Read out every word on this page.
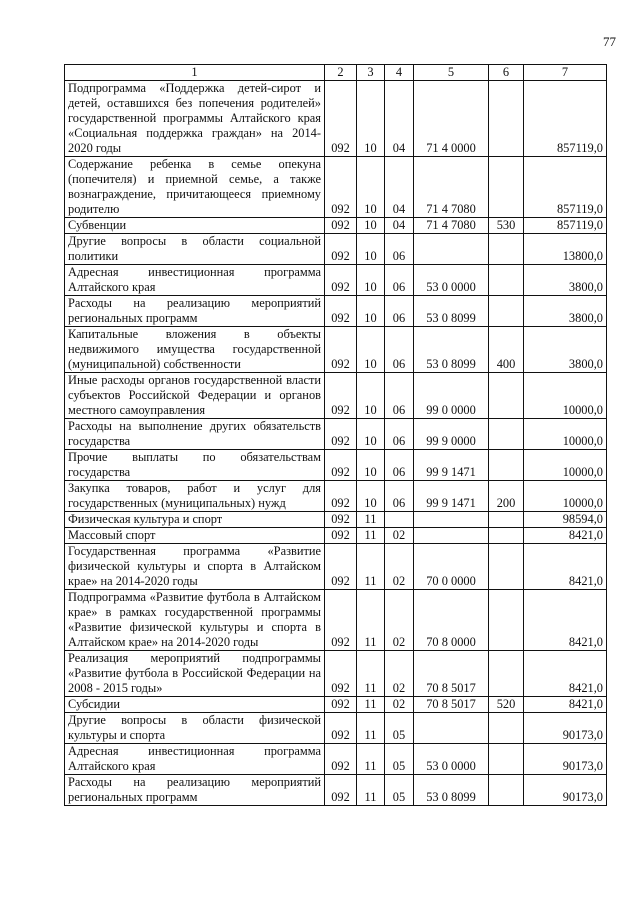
77
1	2	3	4	5	6	7
Подпрограмма «Поддержка детей-сирот и детей, оставшихся без попечения родителей» государственной программы Алтайского края «Социальная поддержка граждан» на 2014-2020 годы	092	10	04	71 4 0000		857119,0
Содержание ребенка в семье опекуна (попечителя) и приемной семье, а также вознаграждение, причитающееся приемному родителю	092	10	04	71 4 7080		857119,0
Субвенции	092	10	04	71 4 7080	530	857119,0
Другие вопросы в области социальной политики	092	10	06			13800,0
Адресная инвестиционная программа Алтайского края	092	10	06	53 0 0000		3800,0
Расходы на реализацию мероприятий региональных программ	092	10	06	53 0 8099		3800,0
Капитальные вложения в объекты недвижимого имущества государственной (муниципальной) собственности	092	10	06	53 0 8099	400	3800,0
Иные расходы органов государственной власти субъектов Российской Федерации и органов местного самоуправления	092	10	06	99 0 0000		10000,0
Расходы на выполнение других обязательств государства	092	10	06	99 9 0000		10000,0
Прочие выплаты по обязательствам государства	092	10	06	99 9 1471		10000,0
Закупка товаров, работ и услуг для государственных (муниципальных) нужд	092	10	06	99 9 1471	200	10000,0
Физическая культура и спорт	092	11				98594,0
Массовый спорт	092	11	02			8421,0
Государственная программа «Развитие физической культуры и спорта в Алтайском крае» на 2014-2020 годы	092	11	02	70 0 0000		8421,0
Подпрограмма «Развитие футбола в Алтайском крае» в рамках государственной программы «Развитие физической культуры и спорта в Алтайском крае» на 2014-2020 годы	092	11	02	70 8 0000		8421,0
Реализация мероприятий подпрограммы «Развитие футбола в Российской Федерации на 2008 - 2015 годы»	092	11	02	70 8 5017		8421,0
Субсидии	092	11	02	70 8 5017	520	8421,0
Другие вопросы в области физической культуры и спорта	092	11	05			90173,0
Адресная инвестиционная программа Алтайского края	092	11	05	53 0 0000		90173,0
Расходы на реализацию мероприятий региональных программ	092	11	05	53 0 8099		90173,0
